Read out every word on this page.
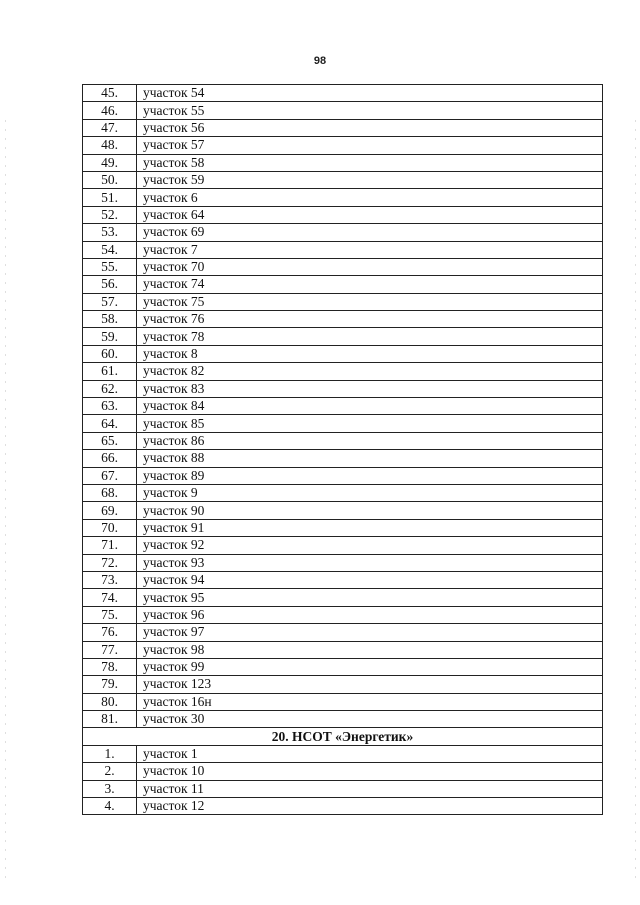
98
45.	участок 54
46.	участок 55
47.	участок 56
48.	участок 57
49.	участок 58
50.	участок 59
51.	участок 6
52.	участок 64
53.	участок 69
54.	участок 7
55.	участок 70
56.	участок 74
57.	участок 75
58.	участок 76
59.	участок 78
60.	участок 8
61.	участок 82
62.	участок 83
63.	участок 84
64.	участок 85
65.	участок 86
66.	участок 88
67.	участок 89
68.	участок 9
69.	участок 90
70.	участок 91
71.	участок 92
72.	участок 93
73.	участок 94
74.	участок 95
75.	участок 96
76.	участок 97
77.	участок 98
78.	участок 99
79.	участок 123
80.	участок 16н
81.	участок 30
20. НСОТ «Энергетик»	
1.	участок 1
2.	участок 10
3.	участок 11
4.	участок 12
